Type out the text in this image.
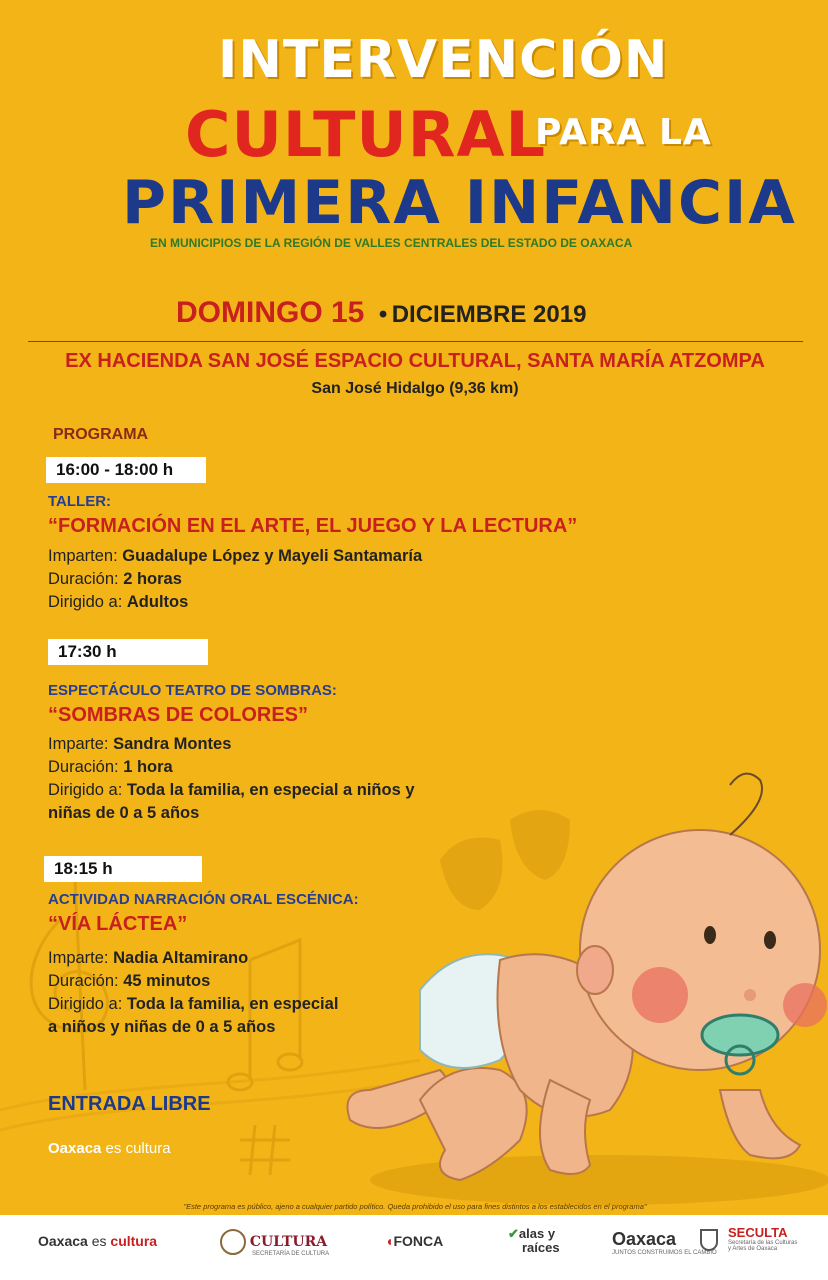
INTERVENCIÓN
CULTURAL
PARA LA
PRIMERA INFANCIA
EN MUNICIPIOS DE LA REGIÓN DE VALLES CENTRALES DEL ESTADO DE OAXACA
DOMINGO 15 • DICIEMBRE 2019
EX HACIENDA SAN JOSÉ ESPACIO CULTURAL, SANTA MARÍA ATZOMPA
San José Hidalgo (9,36 km)
PROGRAMA
16:00 - 18:00 h
TALLER:
“FORMACIÓN EN EL ARTE, EL JUEGO Y LA LECTURA”
Imparten: Guadalupe López y Mayeli Santamaría
Duración: 2 horas
Dirigido a: Adultos
17:30 h
ESPECTÁCULO TEATRO DE SOMBRAS:
“SOMBRAS DE COLORES”
Imparte: Sandra Montes
Duración: 1 hora
Dirigido a: Toda la familia, en especial a niños y
niñas de 0 a 5 años
18:15 h
ACTIVIDAD NARRACIÓN ORAL ESCÉNICA:
“VÍA LÁCTEA”
Imparte: Nadia Altamirano
Duración: 45 minutos
Dirigido a: Toda la familia, en especial
a niños y niñas de 0 a 5 años
ENTRADA LIBRE
Oaxaca es cultura
"Este programa es público, ajeno a cualquier partido político. Queda prohibido el uso para fines distintos a los establecidos en el programa"
Oaxaca es cultura	CULTURA
SECRETARÍA DE CULTURA
◖FONCA	✔alas y
raíces	Oaxaca
JUNTOS CONSTRUIMOS EL CAMBIO
SECULTA
Secretaría de las Culturas y Artes de Oaxaca
